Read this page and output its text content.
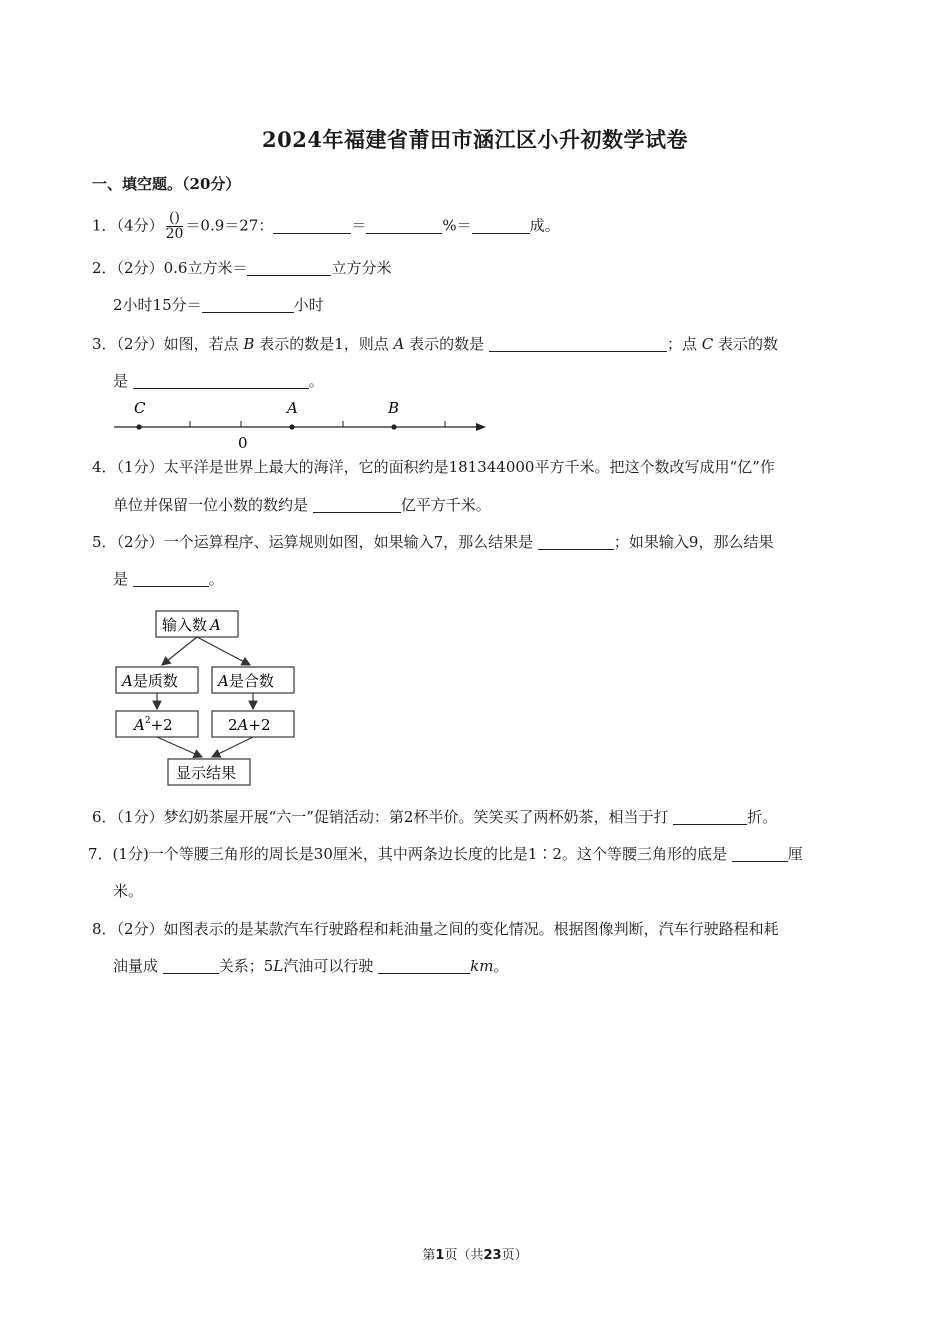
2024年福建省莆田市涵江区小升初数学试卷
一、填空题。（20分）
1．（4分） $\frac{()}{20} =0.9=27$：	＝	%＝	成。
2．（2分）0.6立方米＝	立方分米
2小时15分＝	小时
3．（2分）如图，若点 B 表示的数是1，则点 A 表示的数是	；点 C 表示的数
是	。
C	A	B
0
4．（1分）太平洋是世界上最大的海洋，它的面积约是181344000平方千米。把这个数改写成用“亿”作
单位并保留一位小数的数约是	亿平方千米。
5．（2分）一个运算程序、运算规则如图，如果输入7，那么结果是	；如果输入9，那么结果
是	。
输入数 A
A是质数	A是合数
$A^2+2$	2A+2
显示结果
6．（1分）梦幻奶茶屋开展“六一”促销活动：第2杯半价。笑笑买了两杯奶茶，相当于打	折。
7．(1分)一个等腰三角形的周长是30厘米，其中两条边长度的比是1∶2。这个等腰三角形的底是	厘
米。
8．（2分）如图表示的是某款汽车行驶路程和耗油量之间的变化情况。根据图像判断，汽车行驶路程和耗
油量成	关系；5L汽油可以行驶	km。
第1页（共23页）
